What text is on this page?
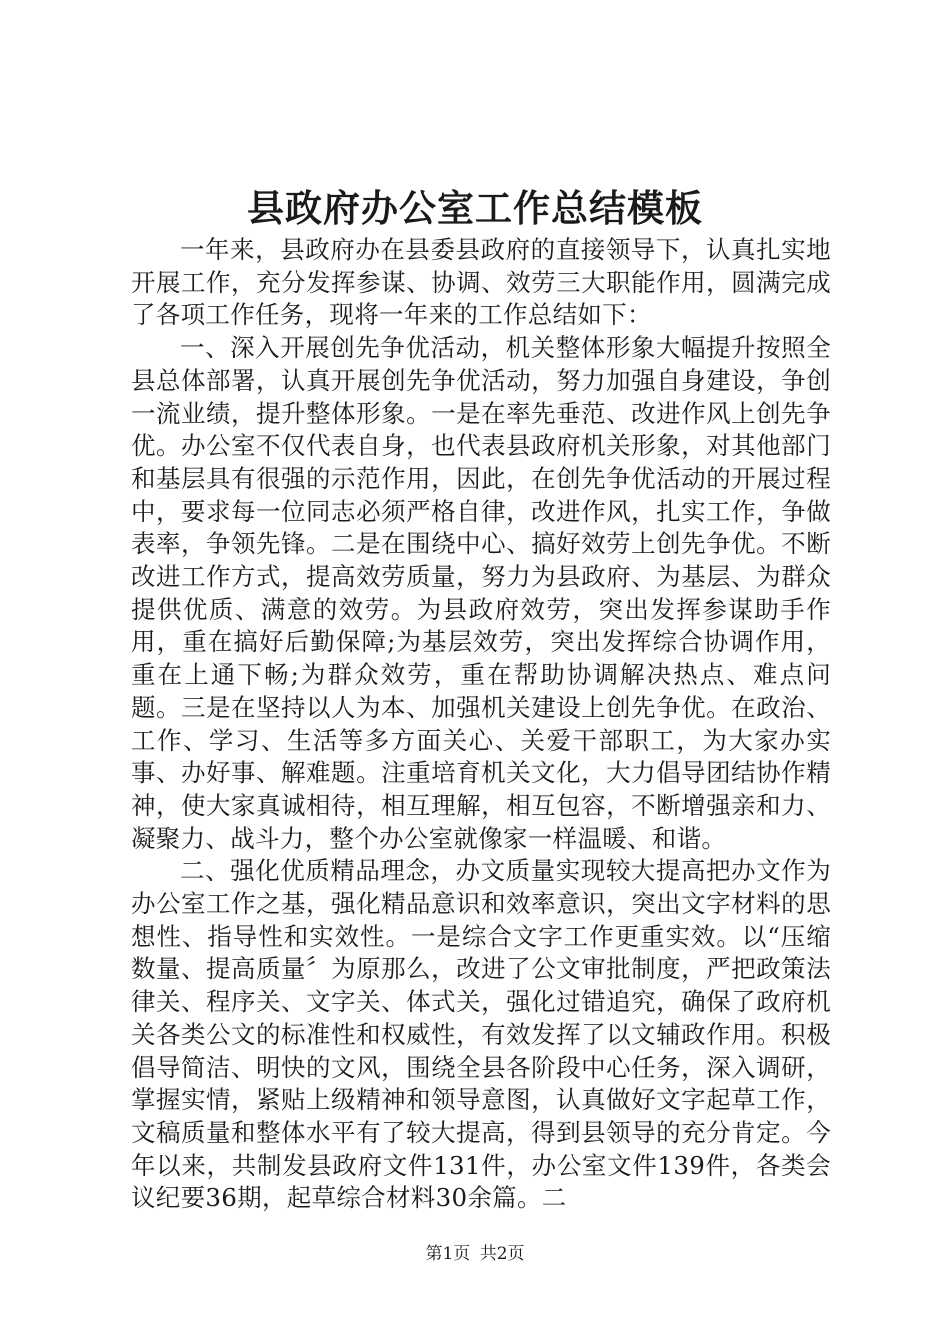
县政府办公室工作总结模板

一年来，县政府办在县委县政府的直接领导下，认真扎实地开展工作，充分发挥参谋、协调、效劳三大职能作用，圆满完成了各项工作任务，现将一年来的工作总结如下：

一、深入开展创先争优活动，机关整体形象大幅提升按照全县总体部署，认真开展创先争优活动，努力加强自身建设，争创一流业绩，提升整体形象。一是在率先垂范、改进作风上创先争优。办公室不仅代表自身，也代表县政府机关形象，对其他部门和基层具有很强的示范作用，因此，在创先争优活动的开展过程中，要求每一位同志必须严格自律，改进作风，扎实工作，争做表率，争领先锋。二是在围绕中心、搞好效劳上创先争优。不断改进工作方式，提高效劳质量，努力为县政府、为基层、为群众提供优质、满意的效劳。为县政府效劳，突出发挥参谋助手作用，重在搞好后勤保障;为基层效劳，突出发挥综合协调作用，重在上通下畅;为群众效劳，重在帮助协调解决热点、难点问题。三是在坚持以人为本、加强机关建设上创先争优。在政治、工作、学习、生活等多方面关心、关爱干部职工，为大家办实事、办好事、解难题。注重培育机关文化，大力倡导团结协作精神，使大家真诚相待，相互理解，相互包容，不断增强亲和力、凝聚力、战斗力，整个办公室就像家一样温暖、和谐。

二、强化优质精品理念，办文质量实现较大提高把办文作为办公室工作之基，强化精品意识和效率意识，突出文字材料的思想性、指导性和实效性。一是综合文字工作更重实效。以“压缩数量、提高质量〞为原那么，改进了公文审批制度，严把政策法律关、程序关、文字关、体式关，强化过错追究，确保了政府机关各类公文的标准性和权威性，有效发挥了以文辅政作用。积极倡导简洁、明快的文风，围绕全县各阶段中心任务，深入调研，掌握实情，紧贴上级精神和领导意图，认真做好文字起草工作，文稿质量和整体水平有了较大提高，得到县领导的充分肯定。今年以来，共制发县政府文件131件，办公室文件139件，各类会议纪要36期，起草综合材料30余篇。二

第1页 共2页
